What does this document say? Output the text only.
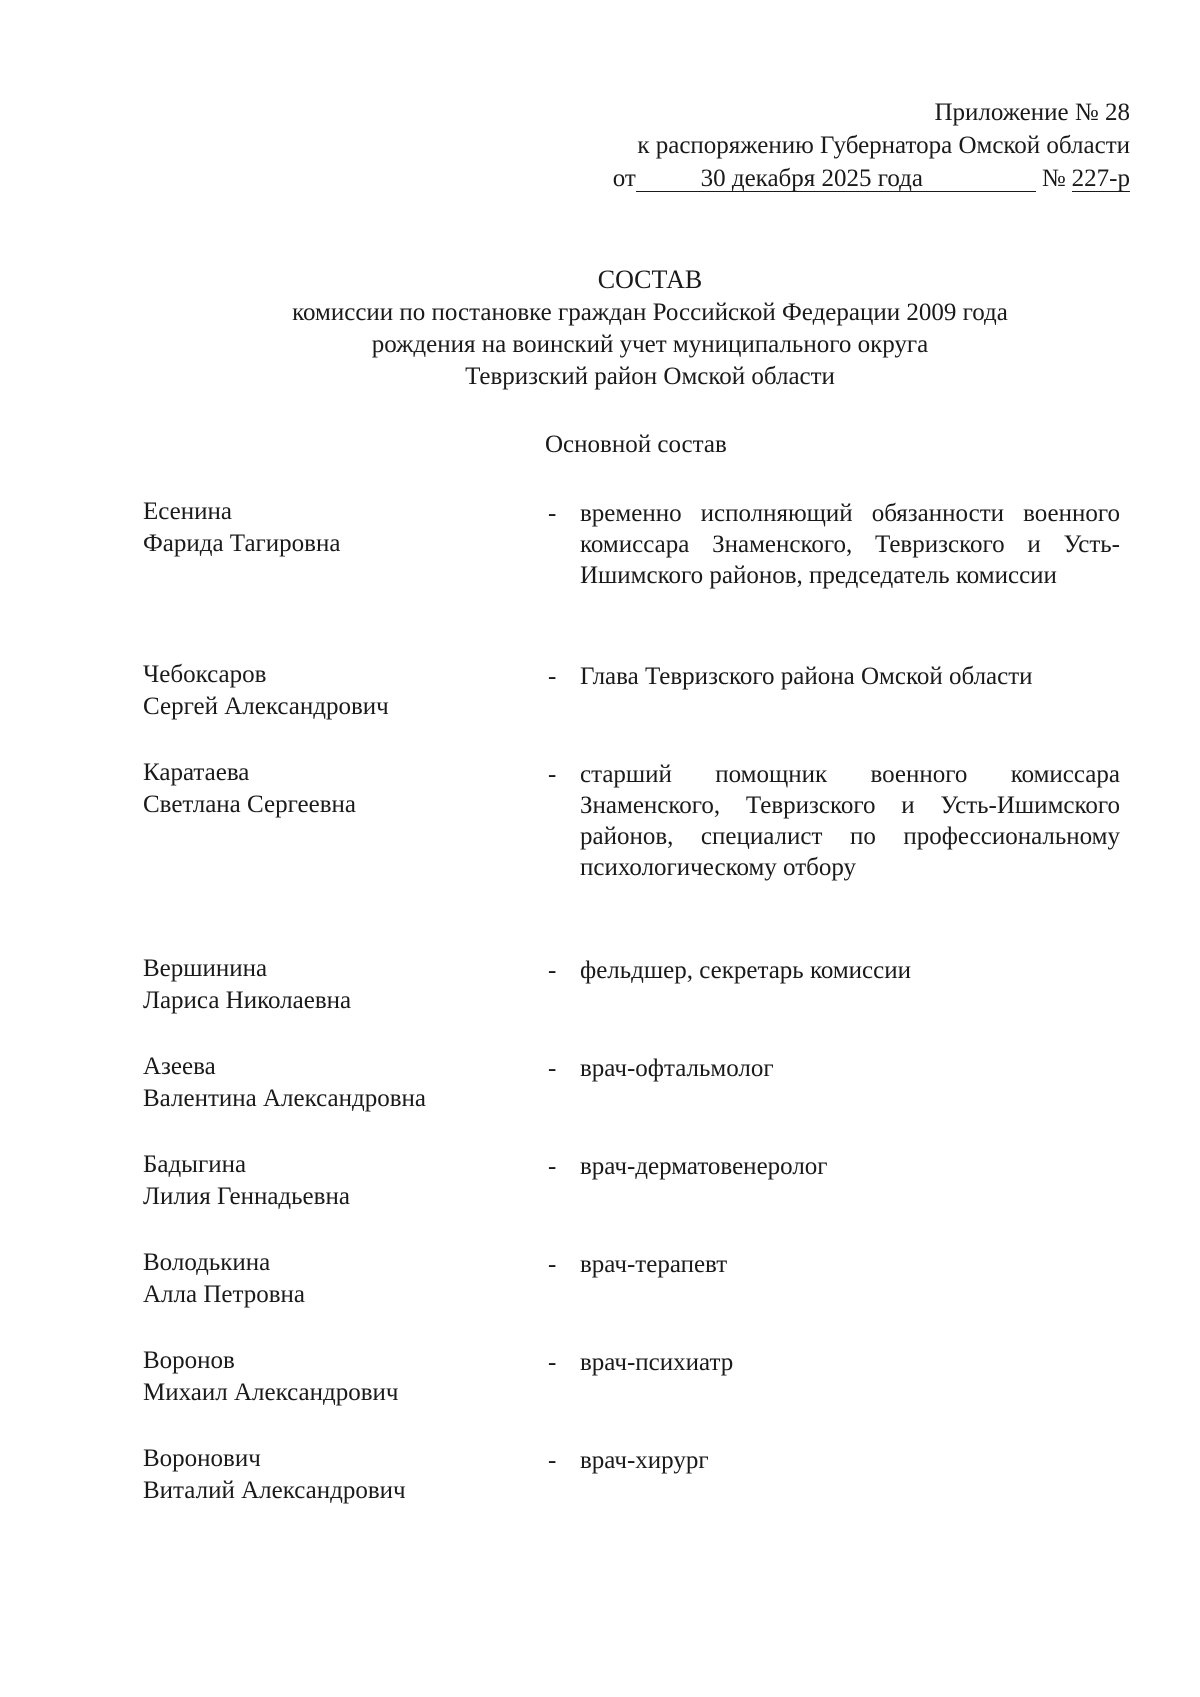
Приложение № 28
к распоряжению Губернатора Омской области
от	30 декабря 2025 года	№ 227-р
СОСТАВ
комиссии по постановке граждан Российской Федерации 2009 года
рождения на воинский учет муниципального округа
Тевризский район Омской области
Основной состав
Есенина
Фарида Тагировна
- временно исполняющий обязанности военного комиссара Знаменского, Тевризского и Усть-Ишимского районов, председатель комиссии
Чебоксаров
Сергей Александрович
- Глава Тевризского района Омской области
Каратаева
Светлана Сергеевна
- старший помощник военного комиссара Знаменского, Тевризского и Усть-Ишимского районов, специалист по профессиональному психологическому отбору
Вершинина
Лариса Николаевна
- фельдшер, секретарь комиссии
Азеева
Валентина Александровна
- врач-офтальмолог
Бадыгина
Лилия Геннадьевна
- врач-дерматовенеролог
Володькина
Алла Петровна
- врач-терапевт
Воронов
Михаил Александрович
- врач-психиатр
Воронович
Виталий Александрович
- врач-хирург
